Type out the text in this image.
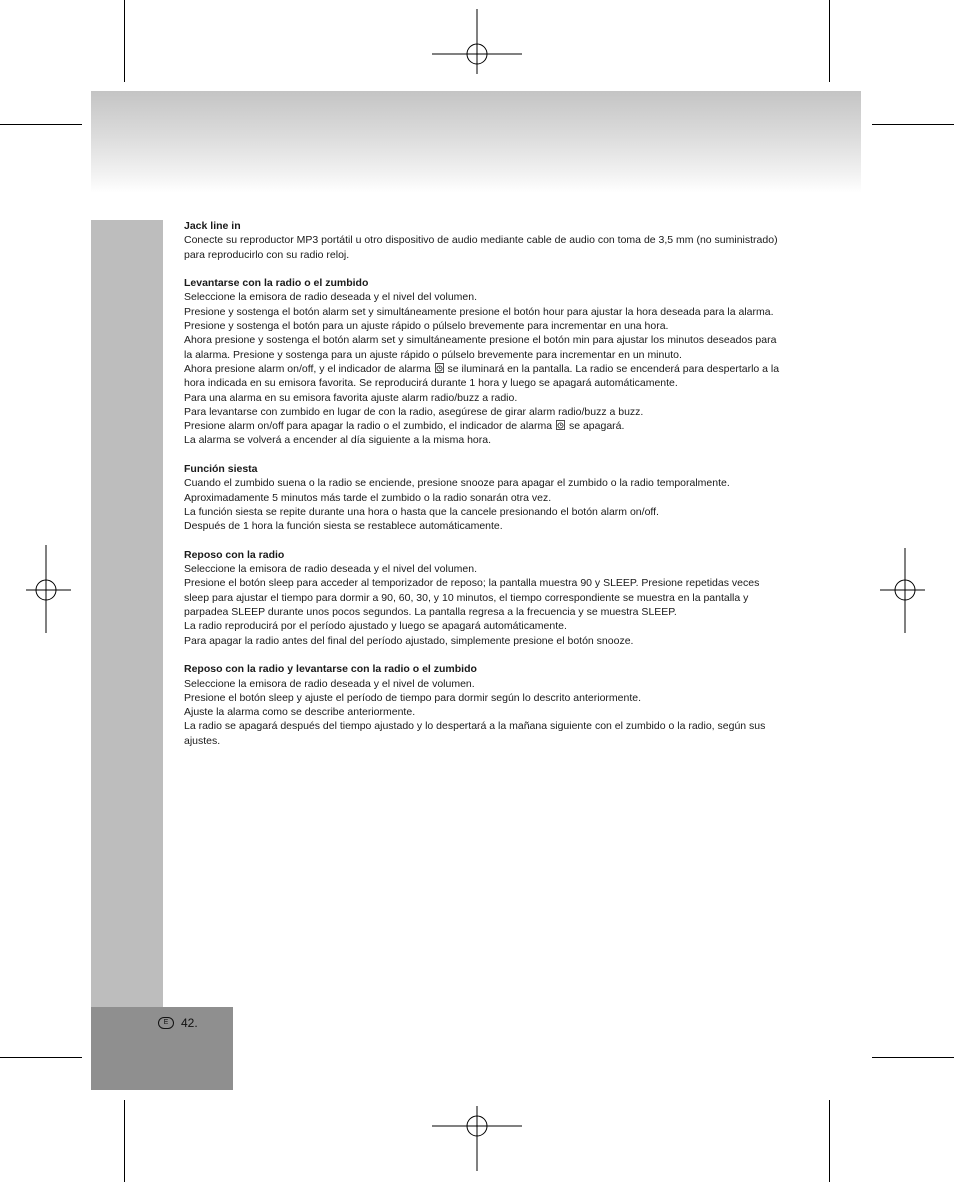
E	42.
Jack line in

Conecte su reproductor MP3 portátil u otro dispositivo de audio mediante cable de audio con toma de 3,5 mm (no suministrado) para reproducirlo con su radio reloj.

Levantarse con la radio o el zumbido

Seleccione la emisora de radio deseada y el nivel del volumen.

Presione y sostenga el botón alarm set y simultáneamente presione el botón hour para ajustar la hora deseada para la alarma. Presione y sostenga el botón para un ajuste rápido o púlselo brevemente para incrementar en una hora.

Ahora presione y sostenga el botón alarm set y simultáneamente presione el botón min para ajustar los minutos deseados para la alarma. Presione y sostenga para un ajuste rápido o púlselo brevemente para incrementar en un minuto.

Ahora presione alarm on/off, y el indicador de alarma se iluminará en la pantalla. La radio se encenderá para despertarlo a la hora indicada en su emisora favorita. Se reproducirá durante 1 hora y luego se apagará automáticamente.

Para una alarma en su emisora favorita ajuste alarm radio/buzz a radio.

Para levantarse con zumbido en lugar de con la radio, asegúrese de girar alarm radio/buzz a buzz.

Presione alarm on/off para apagar la radio o el zumbido, el indicador de alarma se apagará.

La alarma se volverá a encender al día siguiente a la misma hora.

Función siesta

Cuando el zumbido suena o la radio se enciende, presione snooze para apagar el zumbido o la radio temporalmente. Aproximadamente 5 minutos más tarde el zumbido o la radio sonarán otra vez.

La función siesta se repite durante una hora o hasta que la cancele presionando el botón alarm on/off.

Después de 1 hora la función siesta se restablece automáticamente.

Reposo con la radio

Seleccione la emisora de radio deseada y el nivel del volumen.

Presione el botón sleep para acceder al temporizador de reposo; la pantalla muestra 90 y SLEEP. Presione repetidas veces sleep para ajustar el tiempo para dormir a 90, 60, 30, y 10 minutos, el tiempo correspondiente se muestra en la pantalla y parpadea SLEEP durante unos pocos segundos. La pantalla regresa a la frecuencia y se muestra SLEEP.

La radio reproducirá por el período ajustado y luego se apagará automáticamente.

Para apagar la radio antes del final del período ajustado, simplemente presione el botón snooze.

Reposo con la radio y levantarse con la radio o el zumbido

Seleccione la emisora de radio deseada y el nivel de volumen.

Presione el botón sleep y ajuste el período de tiempo para dormir según lo descrito anteriormente.

Ajuste la alarma como se describe anteriormente.

La radio se apagará después del tiempo ajustado y lo despertará a la mañana siguiente con el zumbido o la radio, según sus ajustes.
